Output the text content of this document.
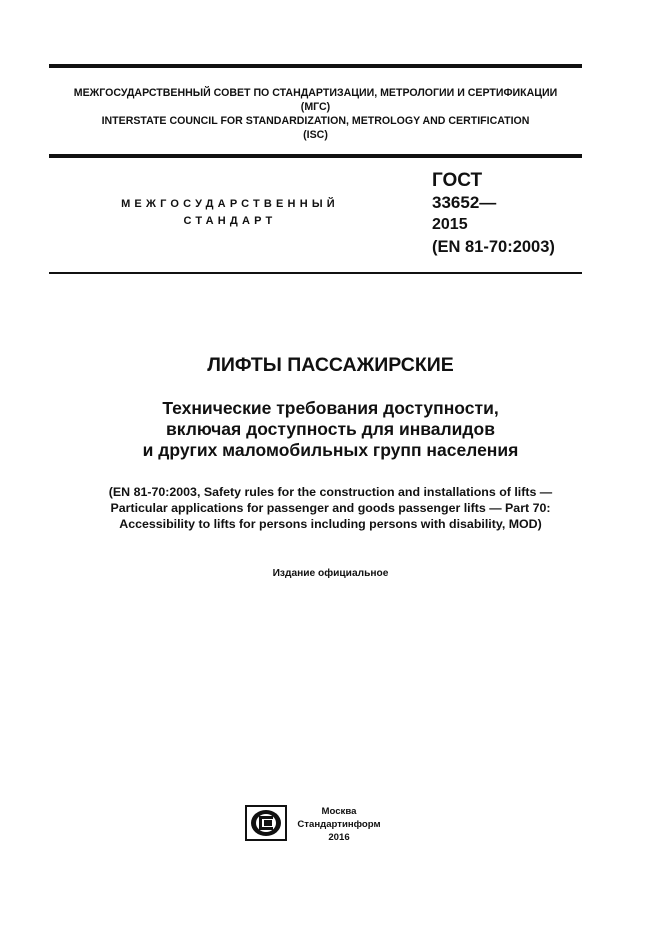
МЕЖГОСУДАРСТВЕННЫЙ СОВЕТ ПО СТАНДАРТИЗАЦИИ, МЕТРОЛОГИИ И СЕРТИФИКАЦИИ
(МГС)
INTERSTATE COUNCIL FOR STANDARDIZATION, METROLOGY AND CERTIFICATION
(ISC)
МЕЖГОСУДАРСТВЕННЫЙ
СТАНДАРТ
ГОСТ
33652—
2015
(EN 81-70:2003)
ЛИФТЫ ПАССАЖИРСКИЕ
Технические требования доступности,
включая доступность для инвалидов
и других маломобильных групп населения
(EN 81-70:2003, Safety rules for the construction and installations of lifts —
Particular applications for passenger and goods passenger lifts — Part 70:
Accessibility to lifts for persons including persons with disability, MOD)
Издание официальное
Москва
Стандартинформ
2016
